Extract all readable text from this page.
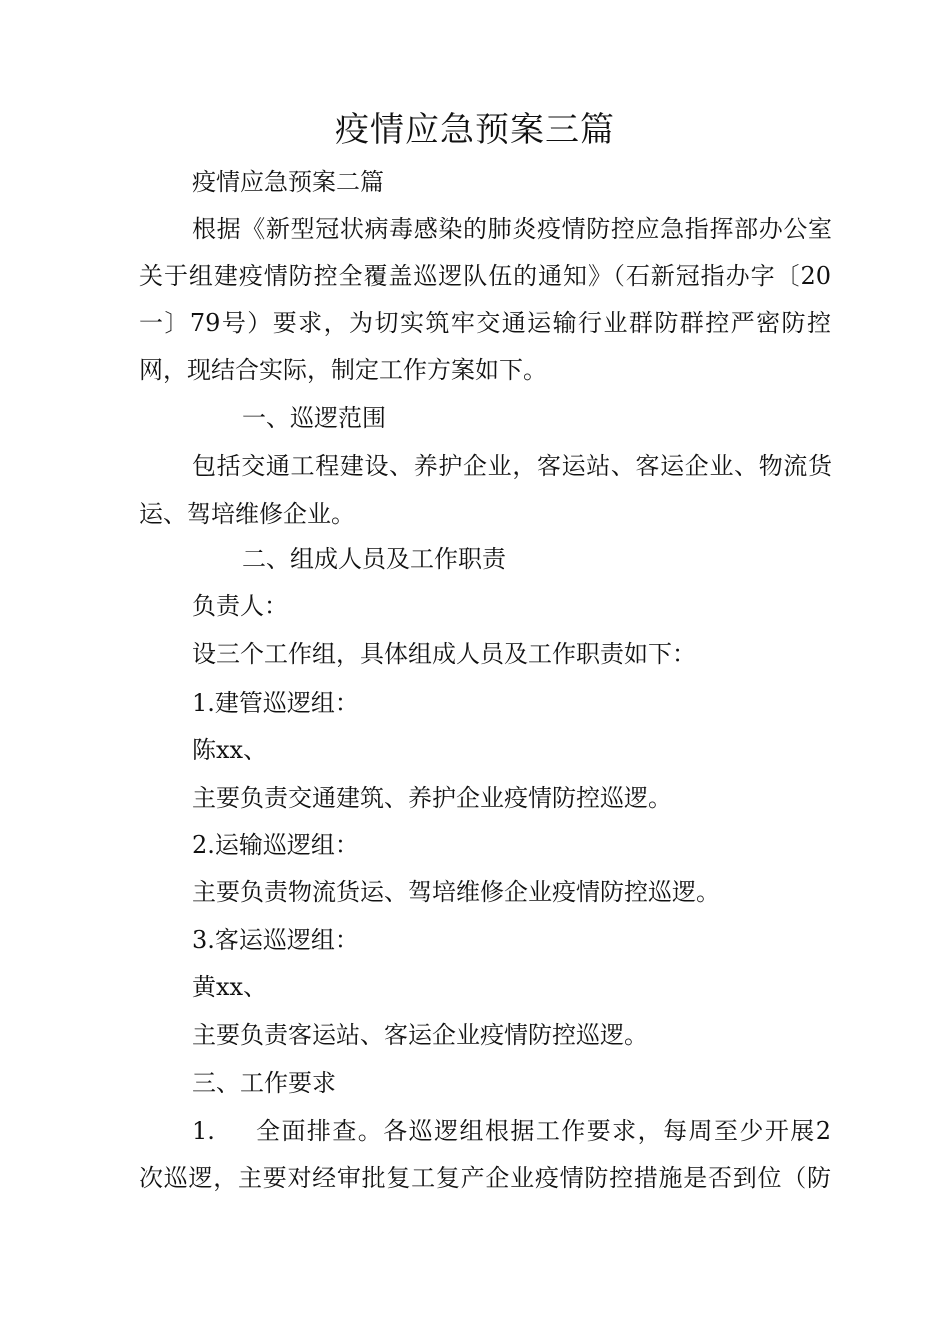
疫情应急预案三篇
疫情应急预案二篇
根据《新型冠状病毒感染的肺炎疫情防控应急指挥部办公室
关于组建疫情防控全覆盖巡逻队伍的通知》（石新冠指办字〔20
一〕79号）要求，为切实筑牢交通运输行业群防群控严密防控
网，现结合实际，制定工作方案如下。
一、巡逻范围
包括交通工程建设、养护企业，客运站、客运企业、物流货
运、驾培维修企业。
二、组成人员及工作职责
负责人：
设三个工作组，具体组成人员及工作职责如下：
1.建管巡逻组：
陈xx、
主要负责交通建筑、养护企业疫情防控巡逻。
2.运输巡逻组：
主要负责物流货运、驾培维修企业疫情防控巡逻。
3.客运巡逻组：
黄xx、
主要负责客运站、客运企业疫情防控巡逻。
三、工作要求
1. 全面排查。各巡逻组根据工作要求，每周至少开展2
次巡逻，主要对经审批复工复产企业疫情防控措施是否到位（防
